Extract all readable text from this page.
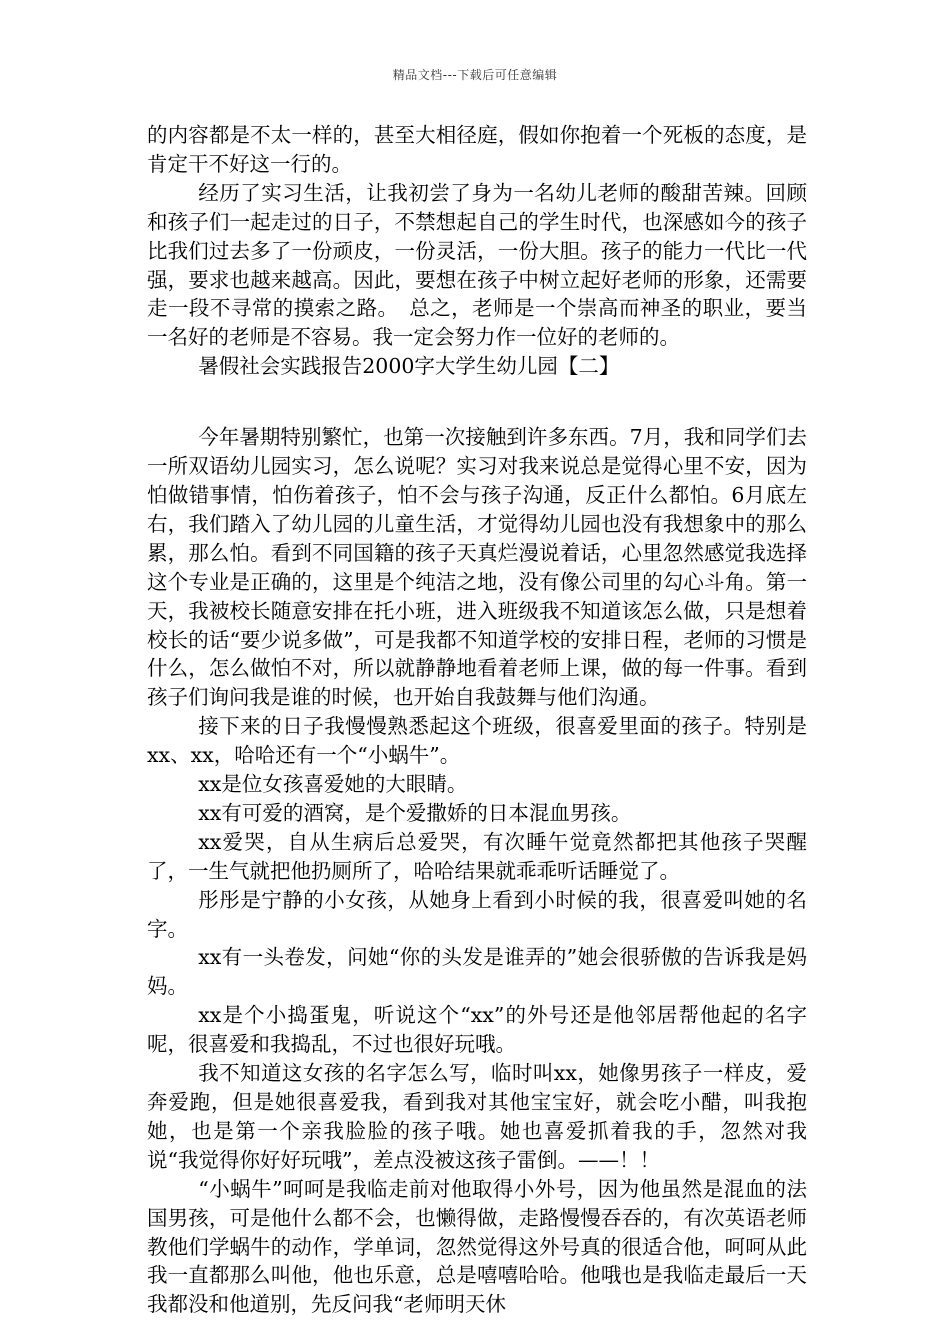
精品文档---下载后可任意编辑

的内容都是不太一样的，甚至大相径庭，假如你抱着一个死板的态度，是肯定干不好这一行的。

经历了实习生活，让我初尝了身为一名幼儿老师的酸甜苦辣。回顾和孩子们一起走过的日子，不禁想起自己的学生时代，也深感如今的孩子比我们过去多了一份顽皮，一份灵活，一份大胆。孩子的能力一代比一代强，要求也越来越高。因此，要想在孩子中树立起好老师的形象，还需要走一段不寻常的摸索之路。　总之，老师是一个崇高而神圣的职业，要当一名好的老师是不容易。我一定会努力作一位好的老师的。

暑假社会实践报告2000字大学生幼儿园【二】

今年暑期特别繁忙，也第一次接触到许多东西。7月，我和同学们去一所双语幼儿园实习，怎么说呢？实习对我来说总是觉得心里不安，因为怕做错事情，怕伤着孩子，怕不会与孩子沟通，反正什么都怕。6月底左右，我们踏入了幼儿园的儿童生活，才觉得幼儿园也没有我想象中的那么累，那么怕。看到不同国籍的孩子天真烂漫说着话，心里忽然感觉我选择这个专业是正确的，这里是个纯洁之地，没有像公司里的勾心斗角。第一天，我被校长随意安排在托小班，进入班级我不知道该怎么做，只是想着校长的话“要少说多做”，可是我都不知道学校的安排日程，老师的习惯是什么，怎么做怕不对，所以就静静地看着老师上课，做的每一件事。看到孩子们询问我是谁的时候，也开始自我鼓舞与他们沟通。

接下来的日子我慢慢熟悉起这个班级，很喜爱里面的孩子。特别是xx、xx，哈哈还有一个“小蜗牛”。

xx是位女孩喜爱她的大眼睛。

xx有可爱的酒窝，是个爱撒娇的日本混血男孩。

xx爱哭，自从生病后总爱哭，有次睡午觉竟然都把其他孩子哭醒了，一生气就把他扔厕所了，哈哈结果就乖乖听话睡觉了。

彤彤是宁静的小女孩，从她身上看到小时候的我，很喜爱叫她的名字。

xx有一头卷发，问她“你的头发是谁弄的”她会很骄傲的告诉我是妈妈。

xx是个小捣蛋鬼，听说这个“xx”的外号还是他邻居帮他起的名字呢，很喜爱和我捣乱，不过也很好玩哦。

我不知道这女孩的名字怎么写，临时叫xx，她像男孩子一样皮，爱奔爱跑，但是她很喜爱我，看到我对其他宝宝好，就会吃小醋，叫我抱她，也是第一个亲我脸脸的孩子哦。她也喜爱抓着我的手，忽然对我说“我觉得你好好玩哦”，差点没被这孩子雷倒。——！！

“小蜗牛”呵呵是我临走前对他取得小外号，因为他虽然是混血的法国男孩，可是他什么都不会，也懒得做，走路慢慢吞吞的，有次英语老师教他们学蜗牛的动作，学单词，忽然觉得这外号真的很适合他，呵呵从此我一直都那么叫他，他也乐意，总是嘻嘻哈哈。他哦也是我临走最后一天我都没和他道别，先反问我“老师明天休
